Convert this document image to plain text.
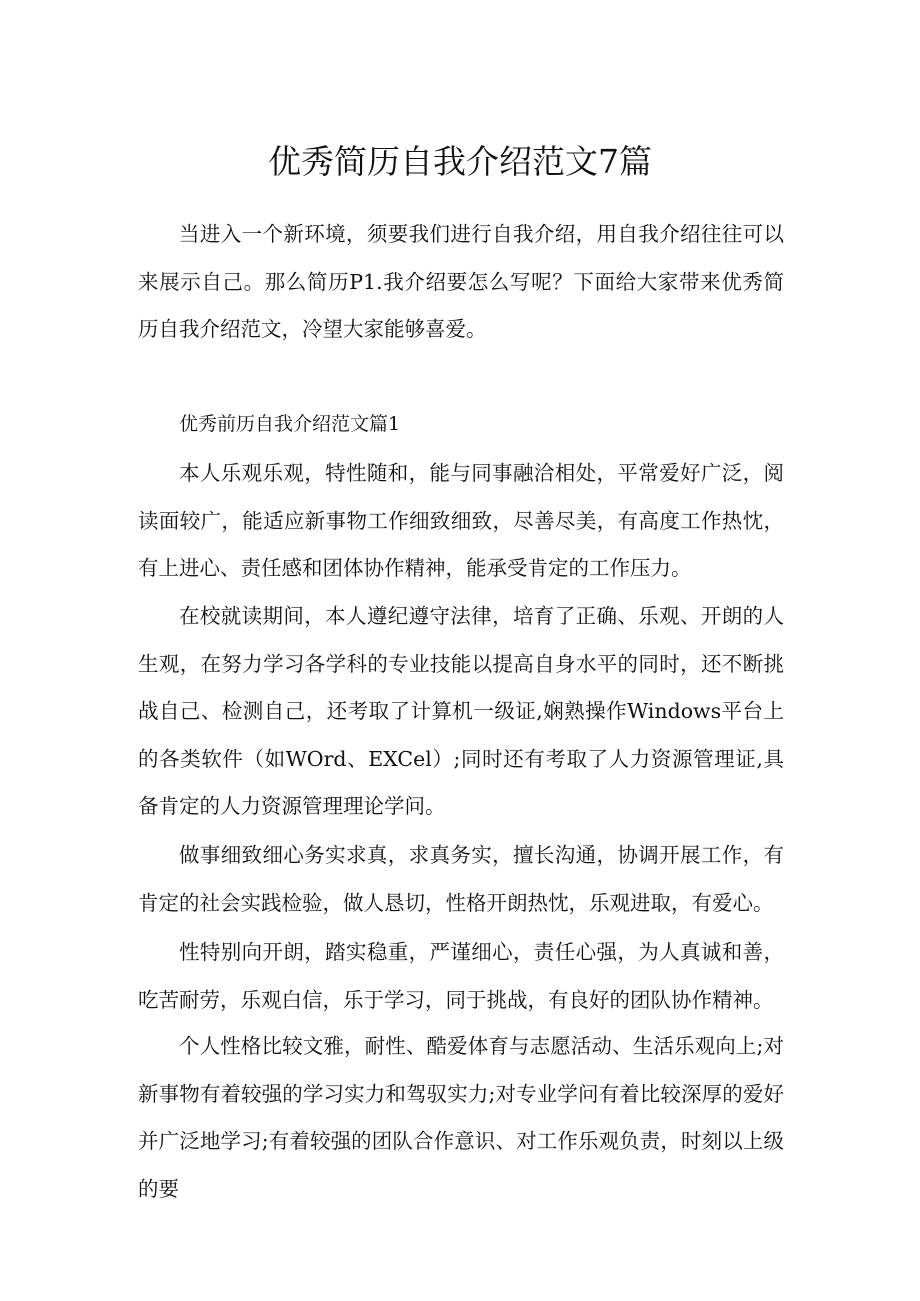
优秀简历自我介绍范文7篇

当进入一个新环境，须要我们进行自我介绍，用自我介绍往往可以来展示自己。那么简历P1.我介绍要怎么写呢？下面给大家带来优秀简历自我介绍范文，冷望大家能够喜爱。

优秀前历自我介绍范文篇1

本人乐观乐观，特性随和，能与同事融洽相处，平常爱好广泛，阅读面较广，能适应新事物工作细致细致，尽善尽美，有高度工作热忱，有上进心、责任感和团体协作精神，能承受肯定的工作压力。

在校就读期间，本人遵纪遵守法律，培育了正确、乐观、开朗的人生观，在努力学习各学科的专业技能以提高自身水平的同时，还不断挑战自己、检测自己，还考取了计算机一级证,娴熟操作Windows平台上的各类软件（如WOrd、EXCel）;同时还有考取了人力资源管理证,具备肯定的人力资源管理理论学问。

做事细致细心务实求真，求真务实，擅长沟通，协调开展工作，有肯定的社会实践检验，做人恳切，性格开朗热忱，乐观进取，有爱心。

性特别向开朗，踏实稳重，严谨细心，责任心强，为人真诚和善，吃苦耐劳，乐观白信，乐于学习，同于挑战，有良好的团队协作精神。

个人性格比较文雅，耐性、酷爱体育与志愿活动、生活乐观向上;对新事物有着较强的学习实力和驾驭实力;对专业学问有着比较深厚的爱好并广泛地学习;有着较强的团队合作意识、对工作乐观负责，时刻以上级的要
